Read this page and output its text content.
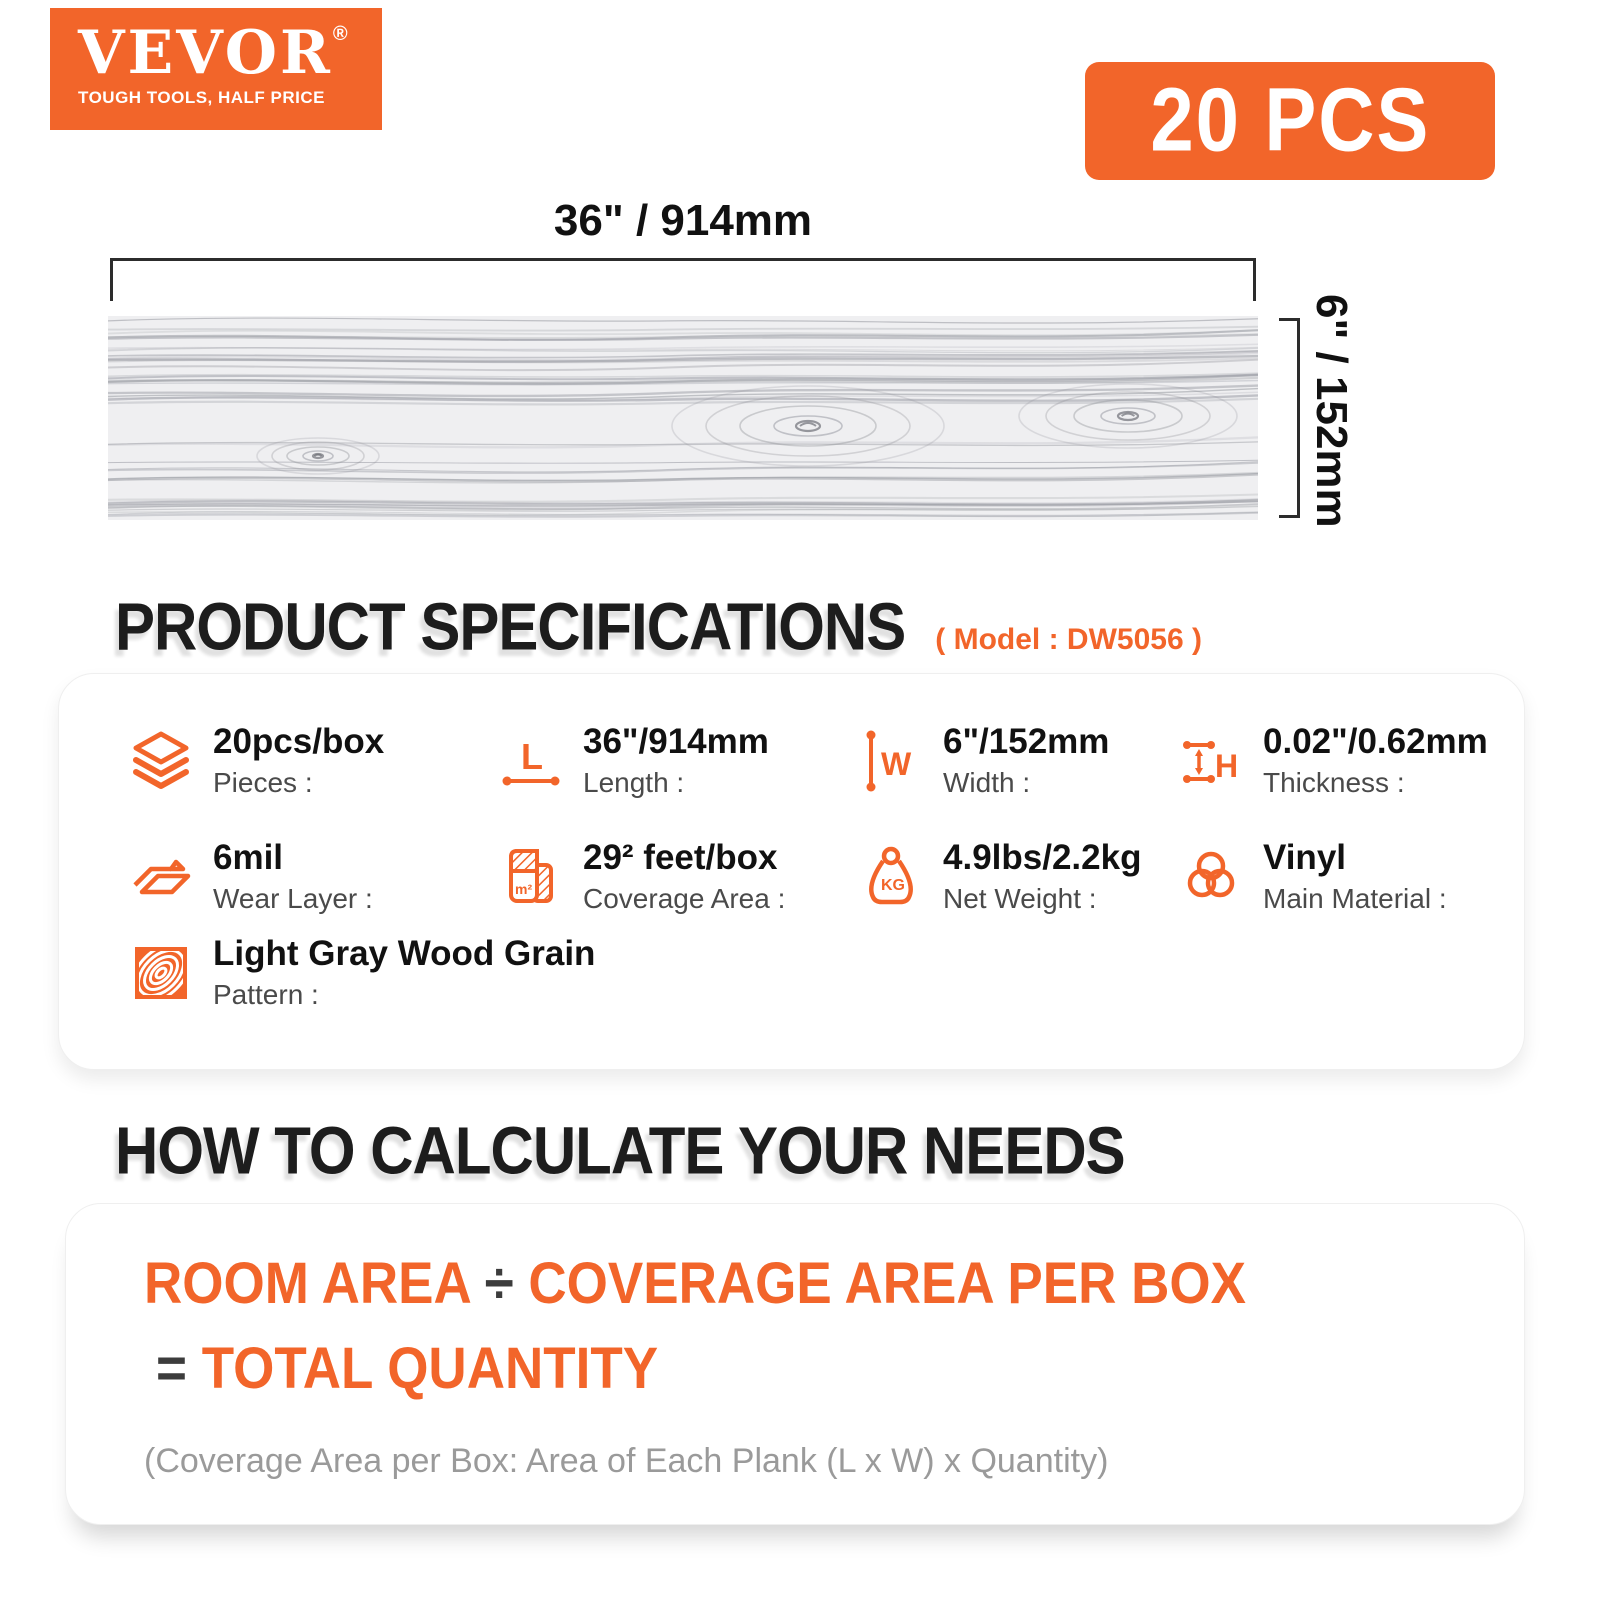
VEVOR®
TOUGH TOOLS, HALF PRICE	20 PCS
36" / 914mm
6" / 152mm
PRODUCT SPECIFICATIONS ( Model : DW5056 )
20pcs/box
Pieces :
L 36"/914mm
Length :	W
6"/152mm
Width :	H
0.02"/0.62mm
Thickness :
6mil
Wear Layer :	m²
29² feet/box
Coverage Area :	KG
4.9lbs/2.2kg
Net Weight :
Vinyl
Main Material :
Light Gray Wood Grain
Pattern :
HOW TO CALCULATE YOUR NEEDS
ROOM AREA ÷ COVERAGE AREA PER BOX
= TOTAL QUANTITY
(Coverage Area per Box: Area of Each Plank (L x W) x Quantity)
